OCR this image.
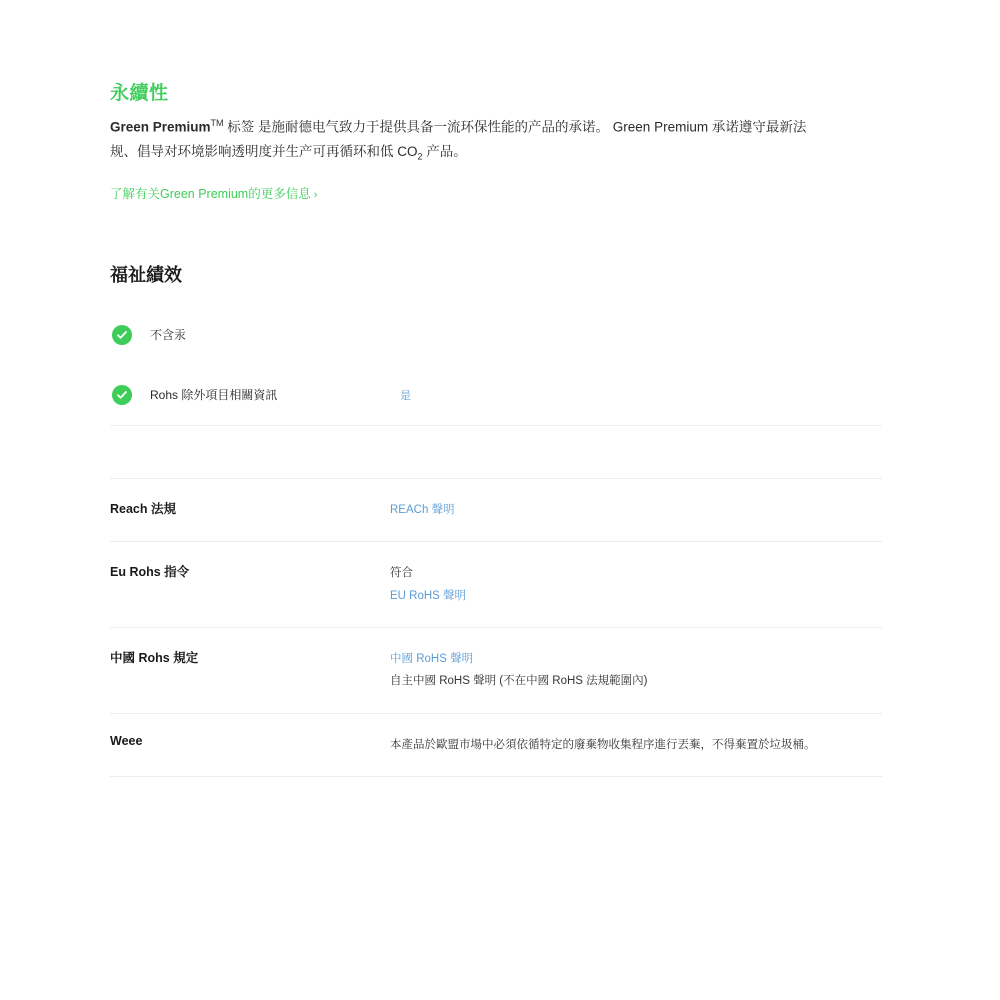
永續性

Green Premium™ 标签 是施耐德电气致力于提供具备一流环保性能的产品的承诺。 Green Premium 承诺遵守最新法规、倡导对环境影响透明度并生产可再循环和低 $CO_2$ 产品。

了解有关Green Premium的更多信息 ›
福祉績效
不含汞
Rohs 除外項目相關資訊	是
Reach 法規	REACh 聲明

Eu Rohs 指令	符合
EU RoHS 聲明

中國 Rohs 規定	中國 RoHS 聲明
自主中國 RoHS 聲明 (不在中國 RoHS 法規範圍內)

Weee	本產品於歐盟市場中必須依循特定的廢棄物收集程序進行丟棄，不得棄置於垃圾桶。
